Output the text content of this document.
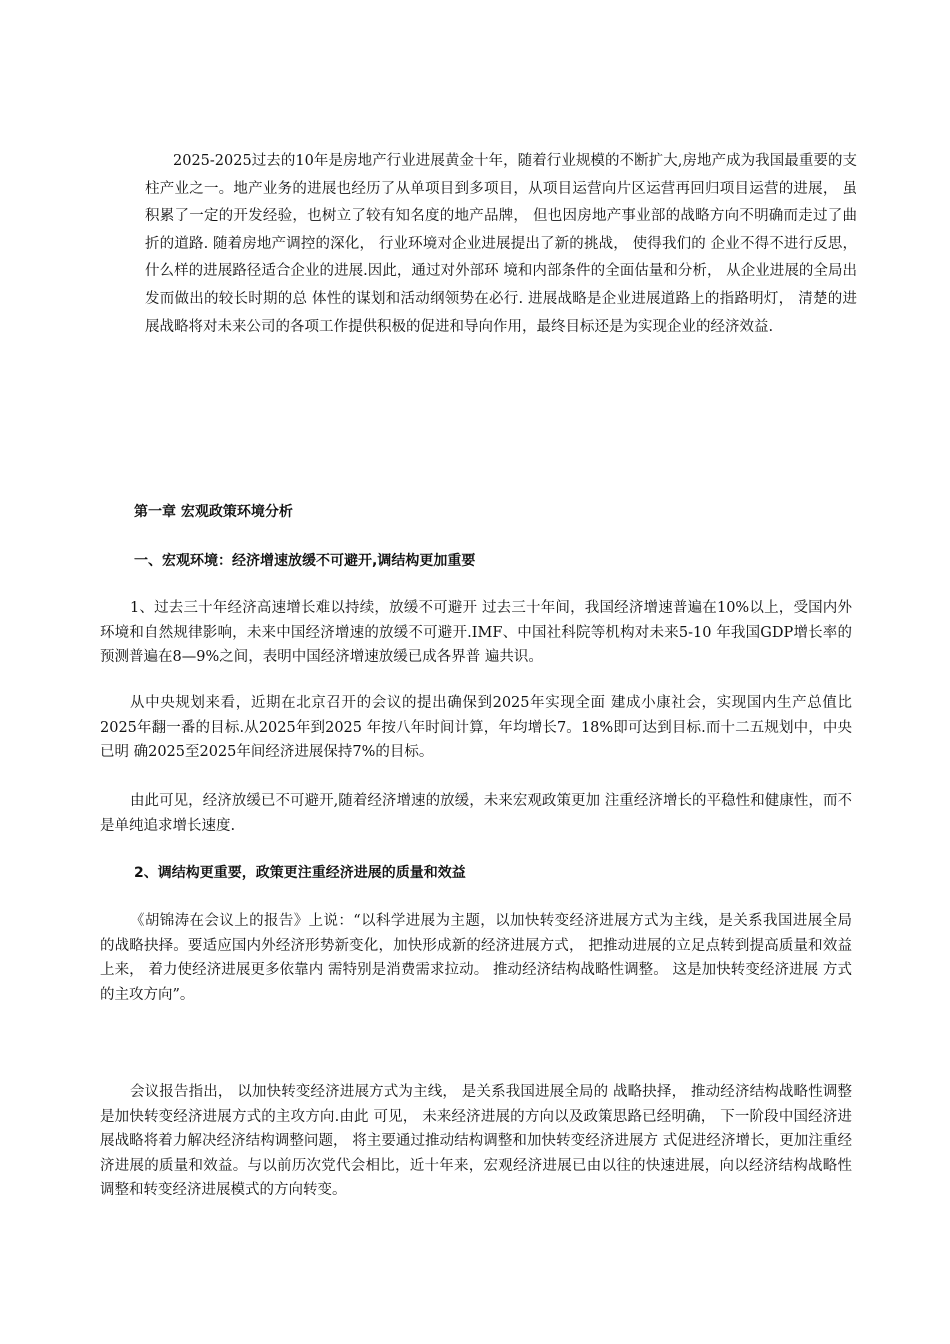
2025-2025过去的10年是房地产行业进展黄金十年，随着行业规模的不断扩大,房地产成为我国最重要的支柱产业之一。地产业务的进展也经历了从单项目到多项目，从项目运营向片区运营再回归项目运营的进展， 虽积累了一定的开发经验，也树立了较有知名度的地产品牌， 但也因房地产事业部的战略方向不明确而走过了曲折的道路. 随着房地产调控的深化， 行业环境对企业进展提出了新的挑战， 使得我们的 企业不得不进行反思，什么样的进展路径适合企业的进展.因此，通过对外部环 境和内部条件的全面估量和分析， 从企业进展的全局出发而做出的较长时期的总 体性的谋划和活动纲领势在必行. 进展战略是企业进展道路上的指路明灯， 清楚的进展战略将对未来公司的各项工作提供积极的促进和导向作用，最终目标还是为实现企业的经济效益.

第一章 宏观政策环境分析
一、宏观环境：经济增速放缓不可避开,调结构更加重要

1、过去三十年经济高速增长难以持续，放缓不可避开 过去三十年间，我国经济增速普遍在10%以上，受国内外环境和自然规律影响，未来中国经济增速的放缓不可避开.IMF、中国社科院等机构对未来5-10 年我国GDP增长率的预测普遍在8—9%之间，表明中国经济增速放缓已成各界普 遍共识。

从中央规划来看，近期在北京召开的会议的提出确保到2025年实现全面 建成小康社会，实现国内生产总值比2025年翻一番的目标.从2025年到2025 年按八年时间计算，年均增长7。18%即可达到目标.而十二五规划中，中央已明 确2025至2025年间经济进展保持7%的目标。

由此可见，经济放缓已不可避开,随着经济增速的放缓，未来宏观政策更加 注重经济增长的平稳性和健康性，而不是单纯追求增长速度.

2、调结构更重要，政策更注重经济进展的质量和效益

《胡锦涛在会议上的报告》上说：“以科学进展为主题，以加快转变经济进展方式为主线，是关系我国进展全局 的战略抉择。要适应国内外经济形势新变化，加快形成新的经济进展方式， 把推动进展的立足点转到提高质量和效益上来， 着力使经济进展更多依靠内 需特别是消费需求拉动。 推动经济结构战略性调整。 这是加快转变经济进展 方式的主攻方向”。

会议报告指出， 以加快转变经济进展方式为主线， 是关系我国进展全局的 战略抉择， 推动经济结构战略性调整是加快转变经济进展方式的主攻方向.由此 可见， 未来经济进展的方向以及政策思路已经明确， 下一阶段中国经济进展战略将着力解决经济结构调整问题， 将主要通过推动结构调整和加快转变经济进展方 式促进经济增长，更加注重经济进展的质量和效益。与以前历次党代会相比，近十年来，宏观经济进展已由以往的快速进展，向以经济结构战略性调整和转变经济进展模式的方向转变。
